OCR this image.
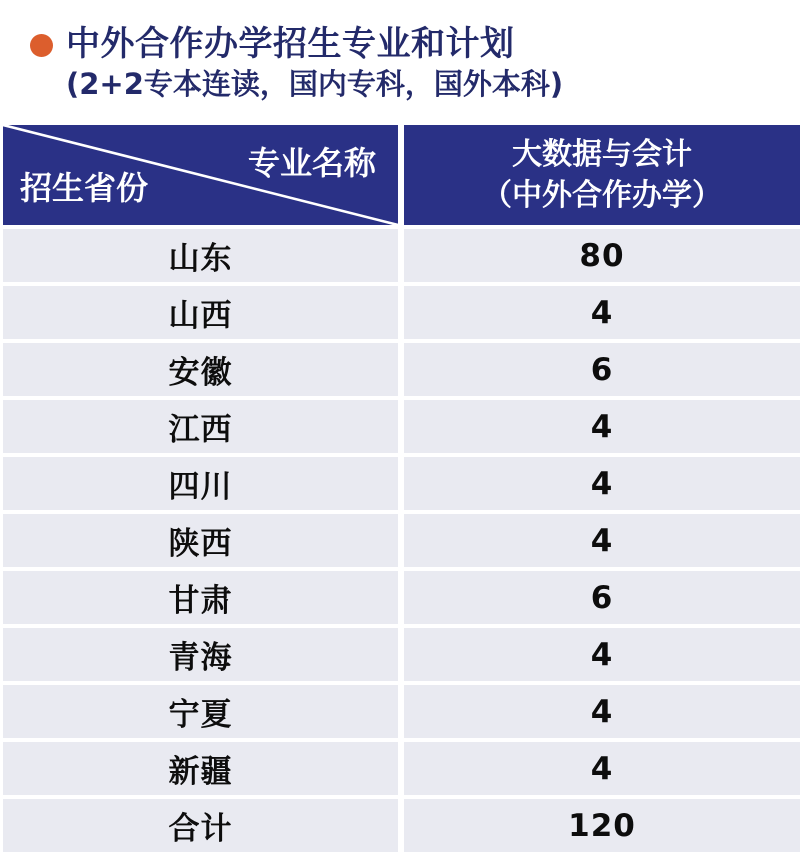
中外合作办学招生专业和计划
(2+2专本连读，国内专科，国外本科)
专业名称
招生省份
大数据与会计
（中外合作办学）
山东	80
山西	4
安徽	6
江西	4
四川	4
陕西	4
甘肃	6
青海	4
宁夏	4
新疆	4
合计	120
